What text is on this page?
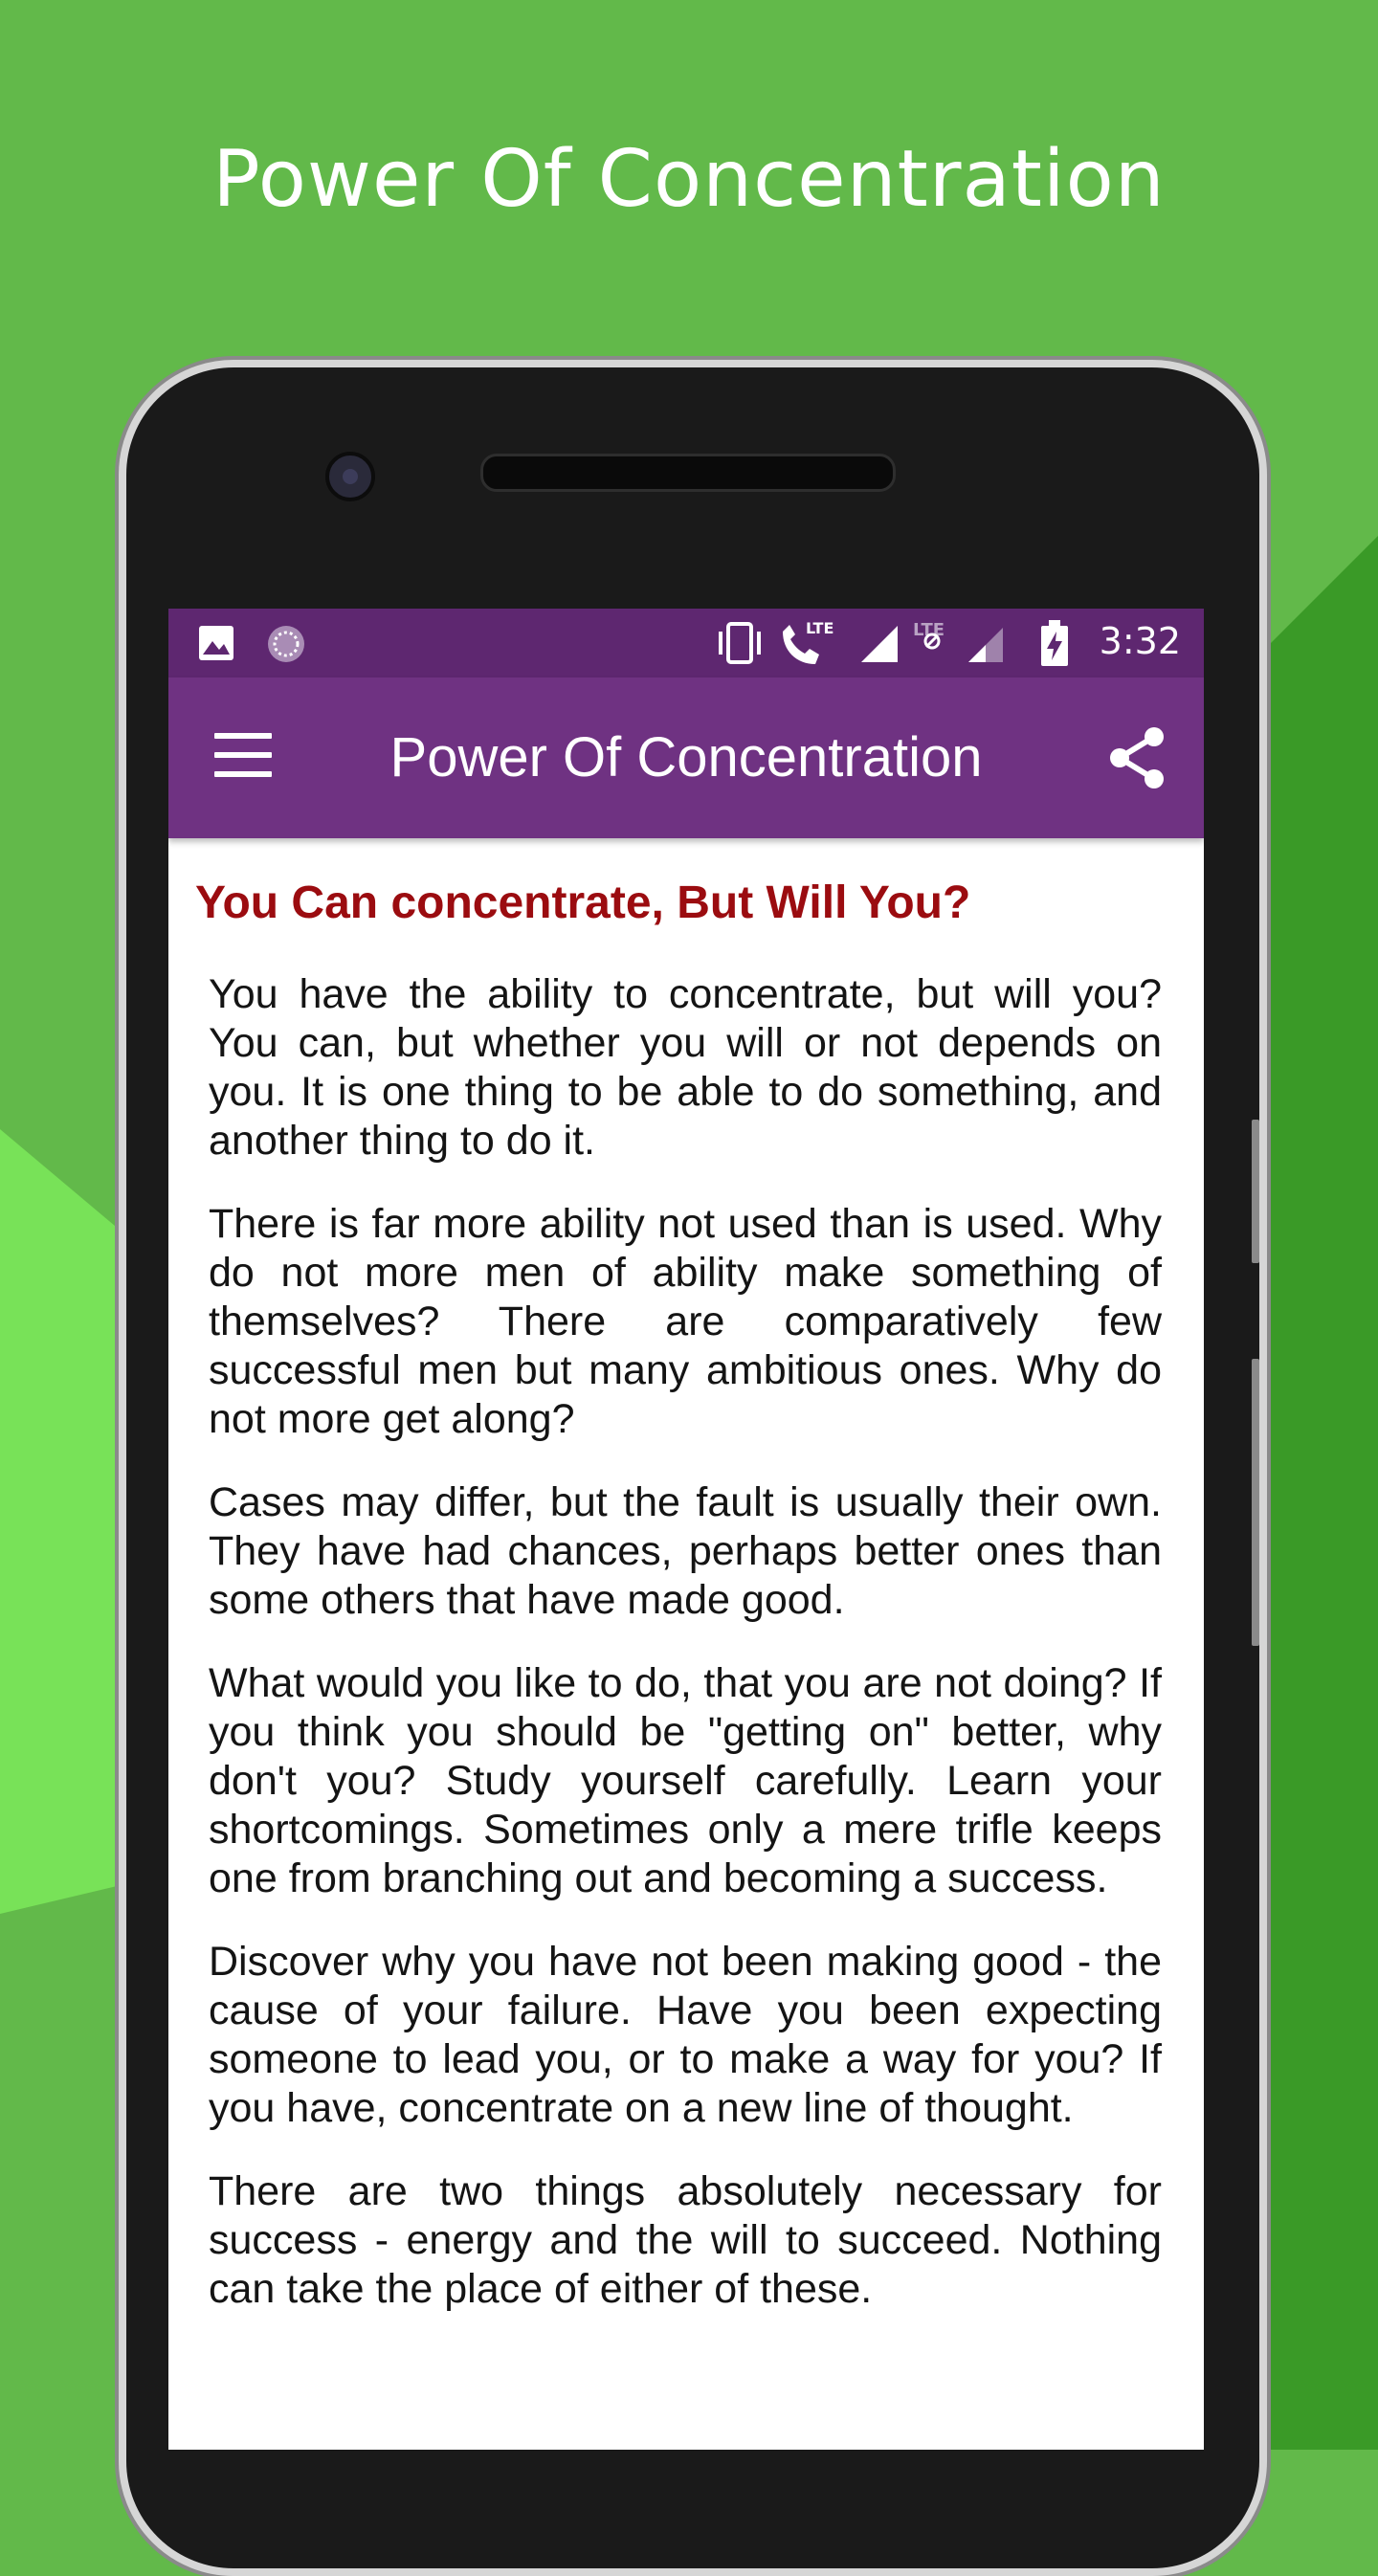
Power Of Concentration
LTE	LTE	3:32
Power Of Concentration
You Can concentrate, But Will You?

You have the ability to concentrate, but will you? You can, but whether you will or not depends on you. It is one thing to be able to do something, and another thing to do it.

There is far more ability not used than is used. Why do not more men of ability make something of themselves? There are comparatively few successful men but many ambitious ones. Why do not more get along?

Cases may differ, but the fault is usually their own. They have had chances, perhaps better ones than some others that have made good.

What would you like to do, that you are not doing? If you think you should be "getting on" better, why don't you? Study yourself carefully. Learn your shortcomings. Sometimes only a mere trifle keeps one from branching out and becoming a success.

Discover why you have not been making good - the cause of your failure. Have you been expecting someone to lead you, or to make a way for you? If you have, concentrate on a new line of thought.

There are two things absolutely necessary for success - energy and the will to succeed. Nothing can take the place of either of these.
